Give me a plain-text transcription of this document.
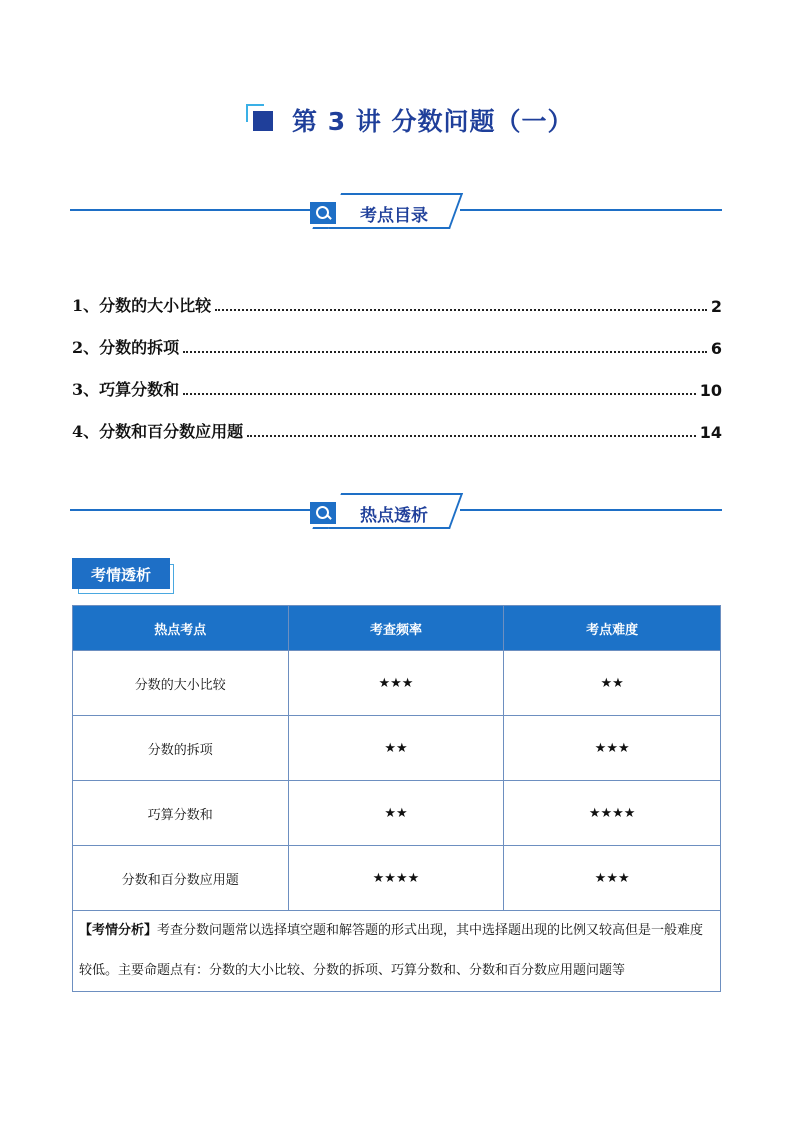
第 3 讲 分数问题（一）
考点目录
1、分数的大小比较	2
2、分数的拆项	6
3、巧算分数和	10
4、分数和百分数应用题	14
热点透析
考情透析
热点考点	考查频率	考点难度
分数的大小比较	★★★	★★
分数的拆项	★★	★★★
巧算分数和	★★	★★★★
分数和百分数应用题	★★★★	★★★
【考情分析】考查分数问题常以选择填空题和解答题的形式出现，其中选择题出现的比例又较高但是一般难度较低。主要命题点有：分数的大小比较、分数的拆项、巧算分数和、分数和百分数应用题问题等		
